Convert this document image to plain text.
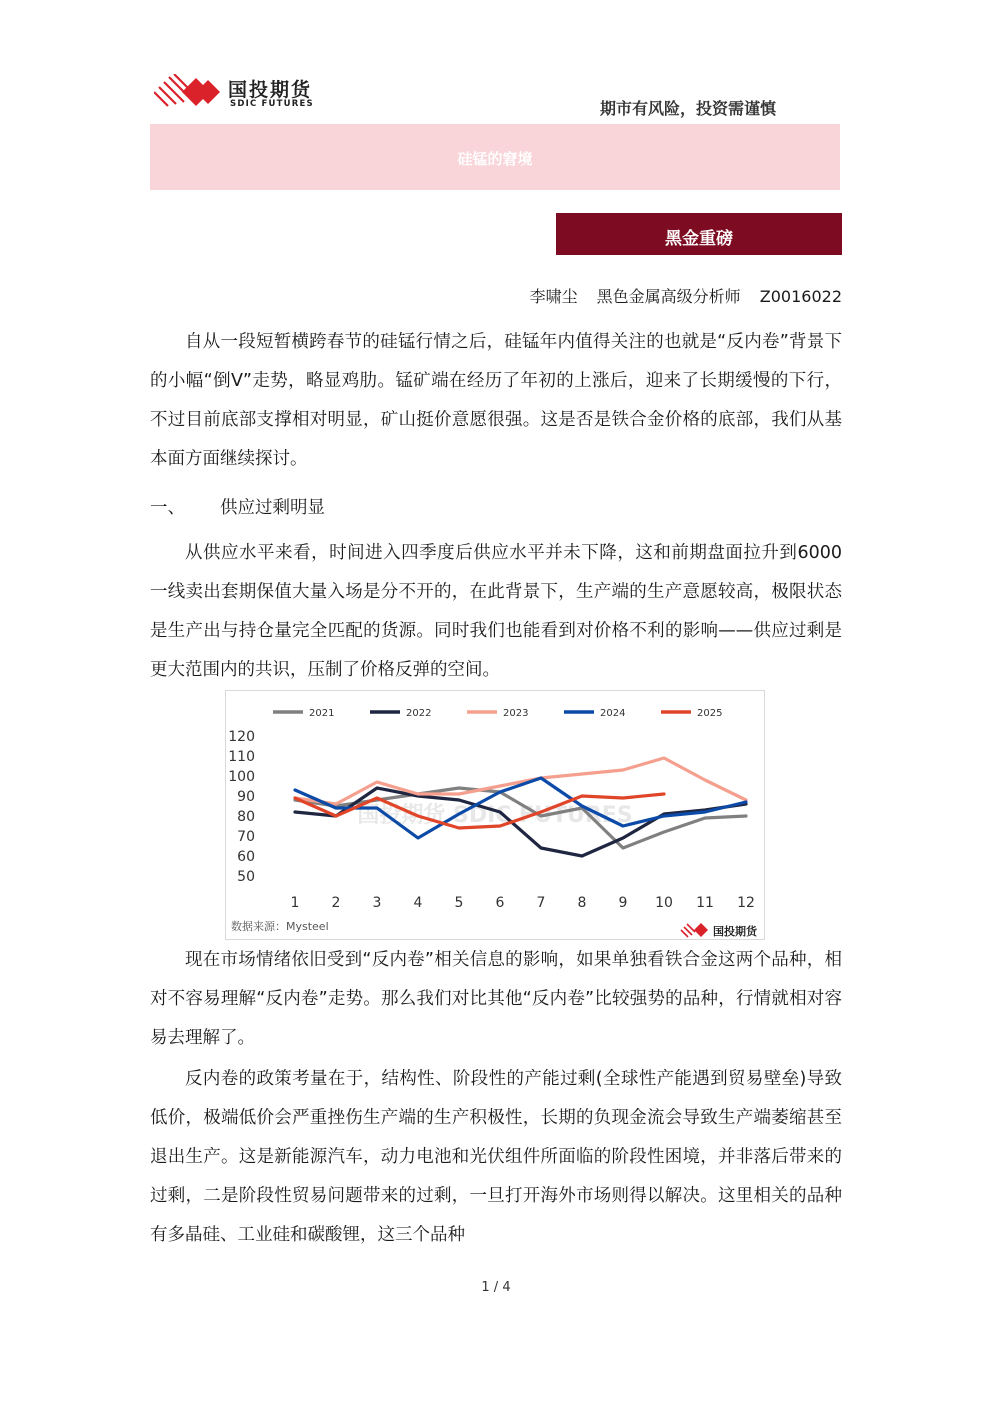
国投期货
SDIC FUTURES	期市有风险，投资需谨慎
硅锰的窘境
黑金重磅
李啸尘 黑色金属高级分析师 Z0016022

自从一段短暂横跨春节的硅锰行情之后，硅锰年内值得关注的也就是“反内卷”背景下的小幅“倒V”走势，略显鸡肋。锰矿端在经历了年初的上涨后，迎来了长期缓慢的下行，不过目前底部支撑相对明显，矿山挺价意愿很强。这是否是铁合金价格的底部，我们从基本面方面继续探讨。

一、 供应过剩明显

从供应水平来看，时间进入四季度后供应水平并未下降，这和前期盘面拉升到6000一线卖出套期保值大量入场是分不开的，在此背景下，生产端的生产意愿较高，极限状态是生产出与持仓量完全匹配的货源。同时我们也能看到对价格不利的影响——供应过剩是更大范围内的共识，压制了价格反弹的空间。

国投期货 SDIC FUTURES
120
110
100
90
80
70
60
50
1 2 3 4 5 6 7 8 9 10 11 12
2021	2022	2023	2024	2025
数据来源：Mysteel	国投期货

现在市场情绪依旧受到“反内卷”相关信息的影响，如果单独看铁合金这两个品种，相对不容易理解“反内卷”走势。那么我们对比其他“反内卷”比较强势的品种，行情就相对容易去理解了。

反内卷的政策考量在于，结构性、阶段性的产能过剩(全球性产能遇到贸易壁垒)导致低价，极端低价会严重挫伤生产端的生产积极性，长期的负现金流会导致生产端萎缩甚至退出生产。这是新能源汽车，动力电池和光伏组件所面临的阶段性困境，并非落后带来的过剩，二是阶段性贸易问题带来的过剩，一旦打开海外市场则得以解决。这里相关的品种有多晶硅、工业硅和碳酸锂，这三个品种

1 / 4
